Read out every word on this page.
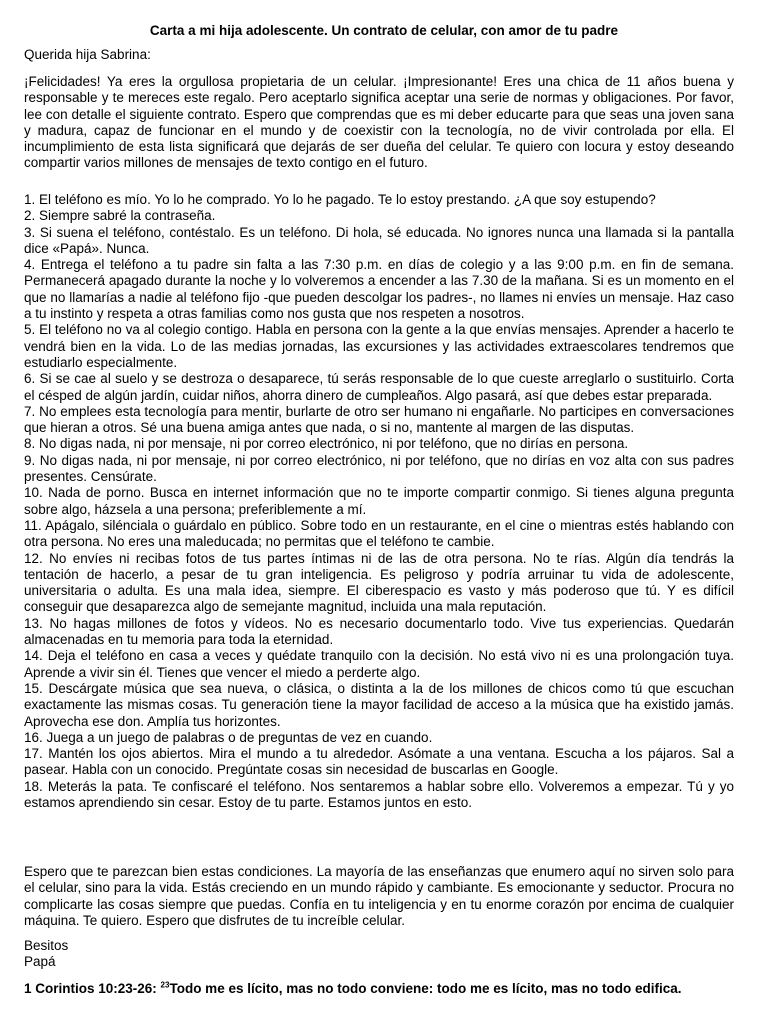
Carta a mi hija adolescente. Un contrato de celular, con amor de tu padre

Querida hija Sabrina:

¡Felicidades! Ya eres la orgullosa propietaria de un celular. ¡Impresionante! Eres una chica de 11 años buena y responsable y te mereces este regalo. Pero aceptarlo significa aceptar una serie de normas y obligaciones. Por favor, lee con detalle el siguiente contrato. Espero que comprendas que es mi deber educarte para que seas una joven sana y madura, capaz de funcionar en el mundo y de coexistir con la tecnología, no de vivir controlada por ella. El incumplimiento de esta lista significará que dejarás de ser dueña del celular. Te quiero con locura y estoy deseando compartir varios millones de mensajes de texto contigo en el futuro.

1. El teléfono es mío. Yo lo he comprado. Yo lo he pagado. Te lo estoy prestando. ¿A que soy estupendo?
2. Siempre sabré la contraseña.
3. Si suena el teléfono, contéstalo. Es un teléfono. Di hola, sé educada. No ignores nunca una llamada si la pantalla dice «Papá». Nunca.
4. Entrega el teléfono a tu padre sin falta a las 7:30 p.m. en días de colegio y a las 9:00 p.m. en fin de semana. Permanecerá apagado durante la noche y lo volveremos a encender a las 7.30 de la mañana. Si es un momento en el que no llamarías a nadie al teléfono fijo -que pueden descolgar los padres-, no llames ni envíes un mensaje. Haz caso a tu instinto y respeta a otras familias como nos gusta que nos respeten a nosotros.
5. El teléfono no va al colegio contigo. Habla en persona con la gente a la que envías mensajes. Aprender a hacerlo te vendrá bien en la vida. Lo de las medias jornadas, las excursiones y las actividades extraescolares tendremos que estudiarlo especialmente.
6. Si se cae al suelo y se destroza o desaparece, tú serás responsable de lo que cueste arreglarlo o sustituirlo. Corta el césped de algún jardín, cuidar niños, ahorra dinero de cumpleaños. Algo pasará, así que debes estar preparada.
7. No emplees esta tecnología para mentir, burlarte de otro ser humano ni engañarle. No participes en conversaciones que hieran a otros. Sé una buena amiga antes que nada, o si no, mantente al margen de las disputas.
8. No digas nada, ni por mensaje, ni por correo electrónico, ni por teléfono, que no dirías en persona.
9. No digas nada, ni por mensaje, ni por correo electrónico, ni por teléfono, que no dirías en voz alta con sus padres presentes. Censúrate.
10. Nada de porno. Busca en internet información que no te importe compartir conmigo. Si tienes alguna pregunta sobre algo, házsela a una persona; preferiblemente a mí.
11. Apágalo, silénciala o guárdalo en público. Sobre todo en un restaurante, en el cine o mientras estés hablando con otra persona. No eres una maleducada; no permitas que el teléfono te cambie.
12. No envíes ni recibas fotos de tus partes íntimas ni de las de otra persona. No te rías. Algún día tendrás la tentación de hacerlo, a pesar de tu gran inteligencia. Es peligroso y podría arruinar tu vida de adolescente, universitaria o adulta. Es una mala idea, siempre. El ciberespacio es vasto y más poderoso que tú. Y es difícil conseguir que desaparezca algo de semejante magnitud, incluida una mala reputación.
13. No hagas millones de fotos y vídeos. No es necesario documentarlo todo. Vive tus experiencias. Quedarán almacenadas en tu memoria para toda la eternidad.
14. Deja el teléfono en casa a veces y quédate tranquilo con la decisión. No está vivo ni es una prolongación tuya. Aprende a vivir sin él. Tienes que vencer el miedo a perderte algo.
15. Descárgate música que sea nueva, o clásica, o distinta a la de los millones de chicos como tú que escuchan exactamente las mismas cosas. Tu generación tiene la mayor facilidad de acceso a la música que ha existido jamás. Aprovecha ese don. Amplía tus horizontes.
16. Juega a un juego de palabras o de preguntas de vez en cuando.
17. Mantén los ojos abiertos. Mira el mundo a tu alrededor. Asómate a una ventana. Escucha a los pájaros. Sal a pasear. Habla con un conocido. Pregúntate cosas sin necesidad de buscarlas en Google.
18. Meterás la pata. Te confiscaré el teléfono. Nos sentaremos a hablar sobre ello. Volveremos a empezar. Tú y yo estamos aprendiendo sin cesar. Estoy de tu parte. Estamos juntos en esto.

Espero que te parezcan bien estas condiciones. La mayoría de las enseñanzas que enumero aquí no sirven solo para el celular, sino para la vida. Estás creciendo en un mundo rápido y cambiante. Es emocionante y seductor. Procura no complicarte las cosas siempre que puedas. Confía en tu inteligencia y en tu enorme corazón por encima de cualquier máquina. Te quiero. Espero que disfrutes de tu increíble celular.

Besitos
Papá

1 Corintios 10:23-26: $^{23}$Todo me es lícito, mas no todo conviene: todo me es lícito, mas no todo edifica.
